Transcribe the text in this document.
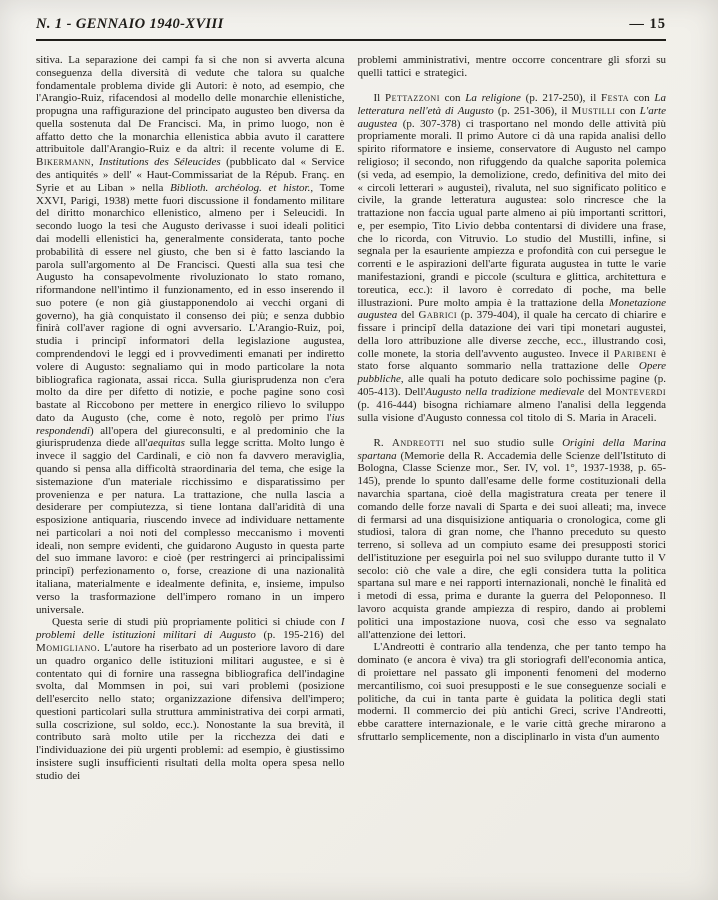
N. 1 - GENNAIO 1940-XVIII	— 15

sitiva. La separazione dei campi fa sì che non si avverta alcuna conseguenza della diversità di vedute che talora su qualche fondamentale problema divide gli Autori: è noto, ad esempio, che l'Arangio-Ruiz, rifacendosi al modello delle monarchie ellenistiche, propugna una raffigurazione del principato augusteo ben diversa da quella sostenuta dal De Francisci. Ma, in primo luogo, non è affatto detto che la monarchia ellenistica abbia avuto il carattere attribuitole dall'Arangio-Ruiz e da altri: il recente volume di E. Bikermann, Institutions des Séleucides (pubblicato dal « Service des antiquités » dell' « Haut-Commissariat de la Répub. Franç. en Syrie et au Liban » nella Biblioth. archéolog. et histor., Tome XXVI, Parigi, 1938) mette fuori discussione il fondamento militare del diritto monarchico ellenistico, almeno per i Seleucidi. In secondo luogo la tesi che Augusto derivasse i suoi ideali politici dai modelli ellenistici ha, generalmente considerata, tanto poche probabilità di essere nel giusto, che ben si è fatto lasciando la parola sull'argomento al De Francisci. Questi alla sua tesi che Augusto ha consapevolmente rivoluzionato lo stato romano, riformandone nell'intimo il funzionamento, ed in esso inserendo il suo potere (e non già giustapponendolo ai vecchi organi di governo), ha già conquistato il consenso dei più; e senza dubbio finirà coll'aver ragione di ogni avversario. L'Arangio-Ruiz, poi, studia i principî informatori della legislazione augustea, comprendendovi le leggi ed i provvedimenti emanati per indiretto volere di Augusto: segnaliamo qui in modo particolare la nota bibliografica ragionata, assai ricca. Sulla giurisprudenza non c'era molto da dire per difetto di notizie, e poche pagine sono così bastate al Riccobono per mettere in energico rilievo lo sviluppo dato da Augusto (che, come è noto, regolò per primo l'ius respondendi) all'opera del giureconsulti, e al predominio che la giurisprudenza diede all'aequitas sulla legge scritta. Molto lungo è invece il saggio del Cardinali, e ciò non fa davvero meraviglia, quando si pensa alla difficoltà straordinaria del tema, che esige la sistemazione d'un materiale ricchissimo e disparatissimo per provenienza e per natura. La trattazione, che nulla lascia a desiderare per compiutezza, si tiene lontana dall'aridità di una esposizione antiquaria, riuscendo invece ad individuare nettamente nei particolari a noi noti del complesso meccanismo i moventi ideali, non sempre evidenti, che guidarono Augusto in questa parte del suo immane lavoro: e cioè (per restringerci ai principalissimi principî) perfezionamento o, forse, creazione di una nazionalità italiana, materialmente e idealmente definita, e, insieme, impulso verso la trasformazione dell'impero romano in un impero universale.

Questa serie di studi più propriamente politici si chiude con I problemi delle istituzioni militari di Augusto (p. 195-216) del Momigliano. L'autore ha riserbato ad un posteriore lavoro di dare un quadro organico delle istituzioni militari augustee, e si è contentato qui di fornire una rassegna bibliografica dell'indagine svolta, dal Mommsen in poi, sui vari problemi (posizione dell'esercito nello stato; organizzazione difensiva dell'impero; questioni particolari sulla struttura amministrativa dei corpi armati, sulla coscrizione, sul soldo, ecc.). Nonostante la sua brevità, il contributo sarà molto utile per la ricchezza dei dati e l'individuazione dei più urgenti problemi: ad esempio, è giustissimo insistere sugli insufficienti risultati della molta opera spesa nello studio dei

problemi amministrativi, mentre occorre concentrare gli sforzi su quelli tattici e strategici.

Il Pettazzoni con La religione (p. 217-250), il Festa con La letteratura nell'età di Augusto (p. 251-306), il Mustilli con L'arte augustea (p. 307-378) ci trasportano nel mondo delle attività più propriamente morali. Il primo Autore ci dà una rapida analisi dello spirito riformatore e insieme, conservatore di Augusto nel campo religioso; il secondo, non rifuggendo da qualche saporita polemica (si veda, ad esempio, la demolizione, credo, definitiva del mito dei « circoli letterari » augustei), rivaluta, nel suo significato politico e civile, la grande letteratura augustea: solo rincresce che la trattazione non faccia ugual parte almeno ai più importanti scrittori, e, per esempio, Tito Livio debba contentarsi di dividere una frase, che lo ricorda, con Vitruvio. Lo studio del Mustilli, infine, si segnala per la esauriente ampiezza e profondità con cui persegue le correnti e le aspirazioni dell'arte figurata augustea in tutte le varie manifestazioni, grandi e piccole (scultura e glittica, architettura e toreutica, ecc.): il lavoro è corredato di poche, ma belle illustrazioni. Pure molto ampia è la trattazione della Monetazione augustea del Gabrici (p. 379-404), il quale ha cercato di chiarire e fissare i principî della datazione dei vari tipi monetari augustei, della loro attribuzione alle diverse zecche, ecc., illustrando così, colle monete, la storia dell'avvento augusteo. Invece il Paribeni è stato forse alquanto sommario nella trattazione delle Opere pubbliche, alle quali ha potuto dedicare solo pochissime pagine (p. 405-413). Dell'Augusto nella tradizione medievale del Monteverdi (p. 416-444) bisogna richiamare almeno l'analisi della leggenda sulla visione d'Augusto connessa col titolo di S. Maria in Araceli.

R. Andreotti nel suo studio sulle Origini della Marina spartana (Memorie della R. Accademia delle Scienze dell'Istituto di Bologna, Classe Scienze mor., Ser. IV, vol. 1°, 1937-1938, p. 65-145), prende lo spunto dall'esame delle forme costituzionali della navarchia spartana, cioè della magistratura creata per tenere il comando delle forze navali di Sparta e dei suoi alleati; ma, invece di fermarsi ad una disquisizione antiquaria o cronologica, come gli studiosi, talora di gran nome, che l'hanno preceduto su questo terreno, si solleva ad un compiuto esame dei presupposti storici dell'istituzione per eseguirla poi nel suo sviluppo durante tutto il V secolo: ciò che vale a dire, che egli considera tutta la politica spartana sul mare e nei rapporti internazionali, nonchè le finalità ed i metodi di essa, prima e durante la guerra del Peloponneso. Il lavoro acquista grande ampiezza di respiro, dando ai problemi politici una impostazione nuova, così che esso va segnalato all'attenzione dei lettori.

L'Andreotti è contrario alla tendenza, che per tanto tempo ha dominato (e ancora è viva) tra gli storiografi dell'economia antica, di proiettare nel passato gli imponenti fenomeni del moderno mercantilismo, coi suoi presupposti e le sue conseguenze sociali e politiche, da cui in tanta parte è guidata la politica degli stati moderni. Il commercio dei più antichi Greci, scrive l'Andreotti, ebbe carattere internazionale, e le varie città greche mirarono a sfruttarlo semplicemente, non a disciplinarlo in vista d'un aumento
